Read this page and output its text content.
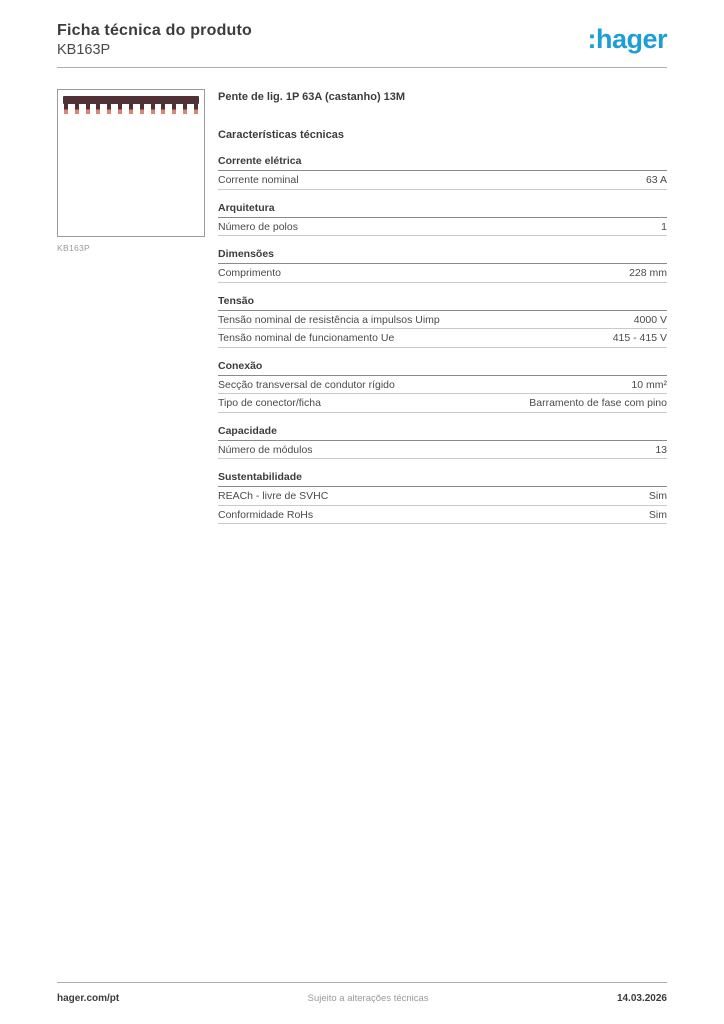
Ficha técnica do produto
KB163P	:hager
KB163P
Pente de lig. 1P 63A (castanho) 13M
Características técnicas
Corrente elétrica
Corrente nominal	63 A
Arquitetura
Número de polos	1
Dimensões
Comprimento	228 mm
Tensão
Tensão nominal de resistência a impulsos Uimp	4000 V
Tensão nominal de funcionamento Ue	415 - 415 V
Conexão
Secção transversal de condutor rígido	10 mm²
Tipo de conector/ficha	Barramento de fase com pino
Capacidade
Número de módulos	13
Sustentabilidade
REACh - livre de SVHC	Sim
Conformidade RoHs	Sim
hager.com/pt	Sujeito a alterações técnicas	14.03.2026
